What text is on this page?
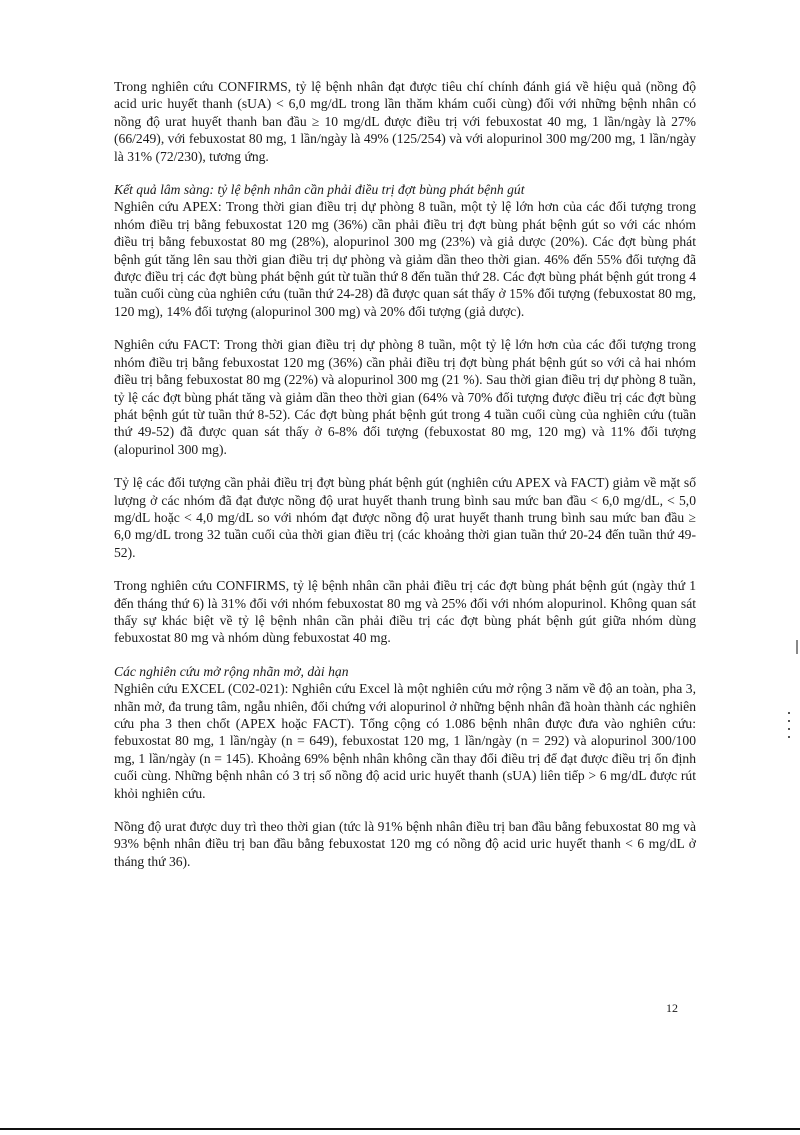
Trong nghiên cứu CONFIRMS, tỷ lệ bệnh nhân đạt được tiêu chí chính đánh giá về hiệu quả (nồng độ acid uric huyết thanh (sUA) < 6,0 mg/dL trong lần thăm khám cuối cùng) đối với những bệnh nhân có nồng độ urat huyết thanh ban đầu ≥ 10 mg/dL được điều trị với febuxostat 40 mg, 1 lần/ngày là 27% (66/249), với febuxostat 80 mg, 1 lần/ngày là 49% (125/254) và với alopurinol 300 mg/200 mg, 1 lần/ngày là 31% (72/230), tương ứng.

Kết quả lâm sàng: tỷ lệ bệnh nhân cần phải điều trị đợt bùng phát bệnh gút

Nghiên cứu APEX: Trong thời gian điều trị dự phòng 8 tuần, một tỷ lệ lớn hơn của các đối tượng trong nhóm điều trị bằng febuxostat 120 mg (36%) cần phải điều trị đợt bùng phát bệnh gút so với các nhóm điều trị bằng febuxostat 80 mg (28%), alopurinol 300 mg (23%) và giả dược (20%). Các đợt bùng phát bệnh gút tăng lên sau thời gian điều trị dự phòng và giảm dần theo thời gian. 46% đến 55% đối tượng đã được điều trị các đợt bùng phát bệnh gút từ tuần thứ 8 đến tuần thứ 28. Các đợt bùng phát bệnh gút trong 4 tuần cuối cùng của nghiên cứu (tuần thứ 24-28) đã được quan sát thấy ở 15% đối tượng (febuxostat 80 mg, 120 mg), 14% đối tượng (alopurinol 300 mg) và 20% đối tượng (giả dược).

Nghiên cứu FACT: Trong thời gian điều trị dự phòng 8 tuần, một tỷ lệ lớn hơn của các đối tượng trong nhóm điều trị bằng febuxostat 120 mg (36%) cần phải điều trị đợt bùng phát bệnh gút so với cả hai nhóm điều trị bằng febuxostat 80 mg (22%) và alopurinol 300 mg (21 %). Sau thời gian điều trị dự phòng 8 tuần, tỷ lệ các đợt bùng phát tăng và giảm dần theo thời gian (64% và 70% đối tượng được điều trị các đợt bùng phát bệnh gút từ tuần thứ 8-52). Các đợt bùng phát bệnh gút trong 4 tuần cuối cùng của nghiên cứu (tuần thứ 49-52) đã được quan sát thấy ở 6-8% đối tượng (febuxostat 80 mg, 120 mg) và 11% đối tượng (alopurinol 300 mg).

Tỷ lệ các đối tượng cần phải điều trị đợt bùng phát bệnh gút (nghiên cứu APEX và FACT) giảm về mặt số lượng ở các nhóm đã đạt được nồng độ urat huyết thanh trung bình sau mức ban đầu < 6,0 mg/dL, < 5,0 mg/dL hoặc < 4,0 mg/dL so với nhóm đạt được nồng độ urat huyết thanh trung bình sau mức ban đầu ≥ 6,0 mg/dL trong 32 tuần cuối của thời gian điều trị (các khoảng thời gian tuần thứ 20-24 đến tuần thứ 49-52).

Trong nghiên cứu CONFIRMS, tỷ lệ bệnh nhân cần phải điều trị các đợt bùng phát bệnh gút (ngày thứ 1 đến tháng thứ 6) là 31% đối với nhóm febuxostat 80 mg và 25% đối với nhóm alopurinol. Không quan sát thấy sự khác biệt về tỷ lệ bệnh nhân cần phải điều trị các đợt bùng phát bệnh gút giữa nhóm dùng febuxostat 80 mg và nhóm dùng febuxostat 40 mg.

Các nghiên cứu mở rộng nhãn mở, dài hạn

Nghiên cứu EXCEL (C02-021): Nghiên cứu Excel là một nghiên cứu mở rộng 3 năm về độ an toàn, pha 3, nhãn mở, đa trung tâm, ngẫu nhiên, đối chứng với alopurinol ở những bệnh nhân đã hoàn thành các nghiên cứu pha 3 then chốt (APEX hoặc FACT). Tổng cộng có 1.086 bệnh nhân được đưa vào nghiên cứu: febuxostat 80 mg, 1 lần/ngày (n = 649), febuxostat 120 mg, 1 lần/ngày (n = 292) và alopurinol 300/100 mg, 1 lần/ngày (n = 145). Khoảng 69% bệnh nhân không cần thay đổi điều trị để đạt được điều trị ổn định cuối cùng. Những bệnh nhân có 3 trị số nồng độ acid uric huyết thanh (sUA) liên tiếp > 6 mg/dL được rút khỏi nghiên cứu.

Nồng độ urat được duy trì theo thời gian (tức là 91% bệnh nhân điều trị ban đầu bằng febuxostat 80 mg và 93% bệnh nhân điều trị ban đầu bằng febuxostat 120 mg có nồng độ acid uric huyết thanh < 6 mg/dL ở tháng thứ 36).

12
